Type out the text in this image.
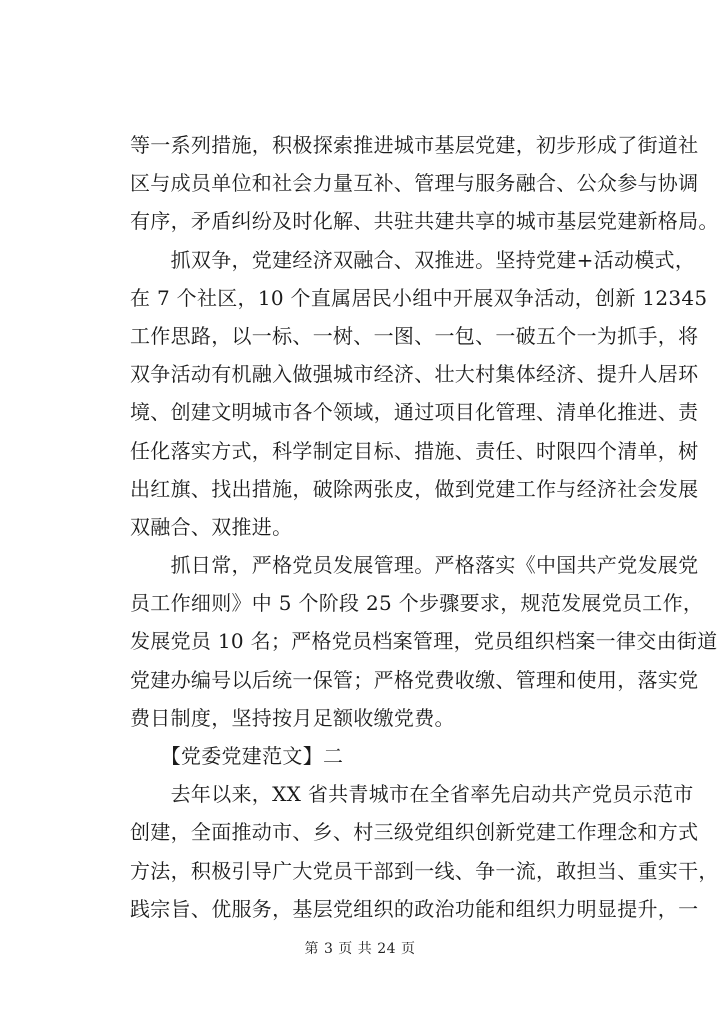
等一系列措施，积极探索推进城市基层党建，初步形成了街道社
区与成员单位和社会力量互补、管理与服务融合、公众参与协调
有序，矛盾纠纷及时化解、共驻共建共享的城市基层党建新格局。
　　抓双争，党建经济双融合、双推进。坚持党建+活动模式，
在 7 个社区，10 个直属居民小组中开展双争活动，创新 12345
工作思路，以一标、一树、一图、一包、一破五个一为抓手，将
双争活动有机融入做强城市经济、壮大村集体经济、提升人居环
境、创建文明城市各个领域，通过项目化管理、清单化推进、责
任化落实方式，科学制定目标、措施、责任、时限四个清单，树
出红旗、找出措施，破除两张皮，做到党建工作与经济社会发展
双融合、双推进。
　　抓日常，严格党员发展管理。严格落实《中国共产党发展党
员工作细则》中 5 个阶段 25 个步骤要求，规范发展党员工作，
发展党员 10 名；严格党员档案管理，党员组织档案一律交由街道
党建办编号以后统一保管；严格党费收缴、管理和使用，落实党
费日制度，坚持按月足额收缴党费。
　　【党委党建范文】二
　　去年以来，XX 省共青城市在全省率先启动共产党员示范市
创建，全面推动市、乡、村三级党组织创新党建工作理念和方式
方法，积极引导广大党员干部到一线、争一流，敢担当、重实干，
践宗旨、优服务，基层党组织的政治功能和组织力明显提升，一
第 3 页 共 24 页
